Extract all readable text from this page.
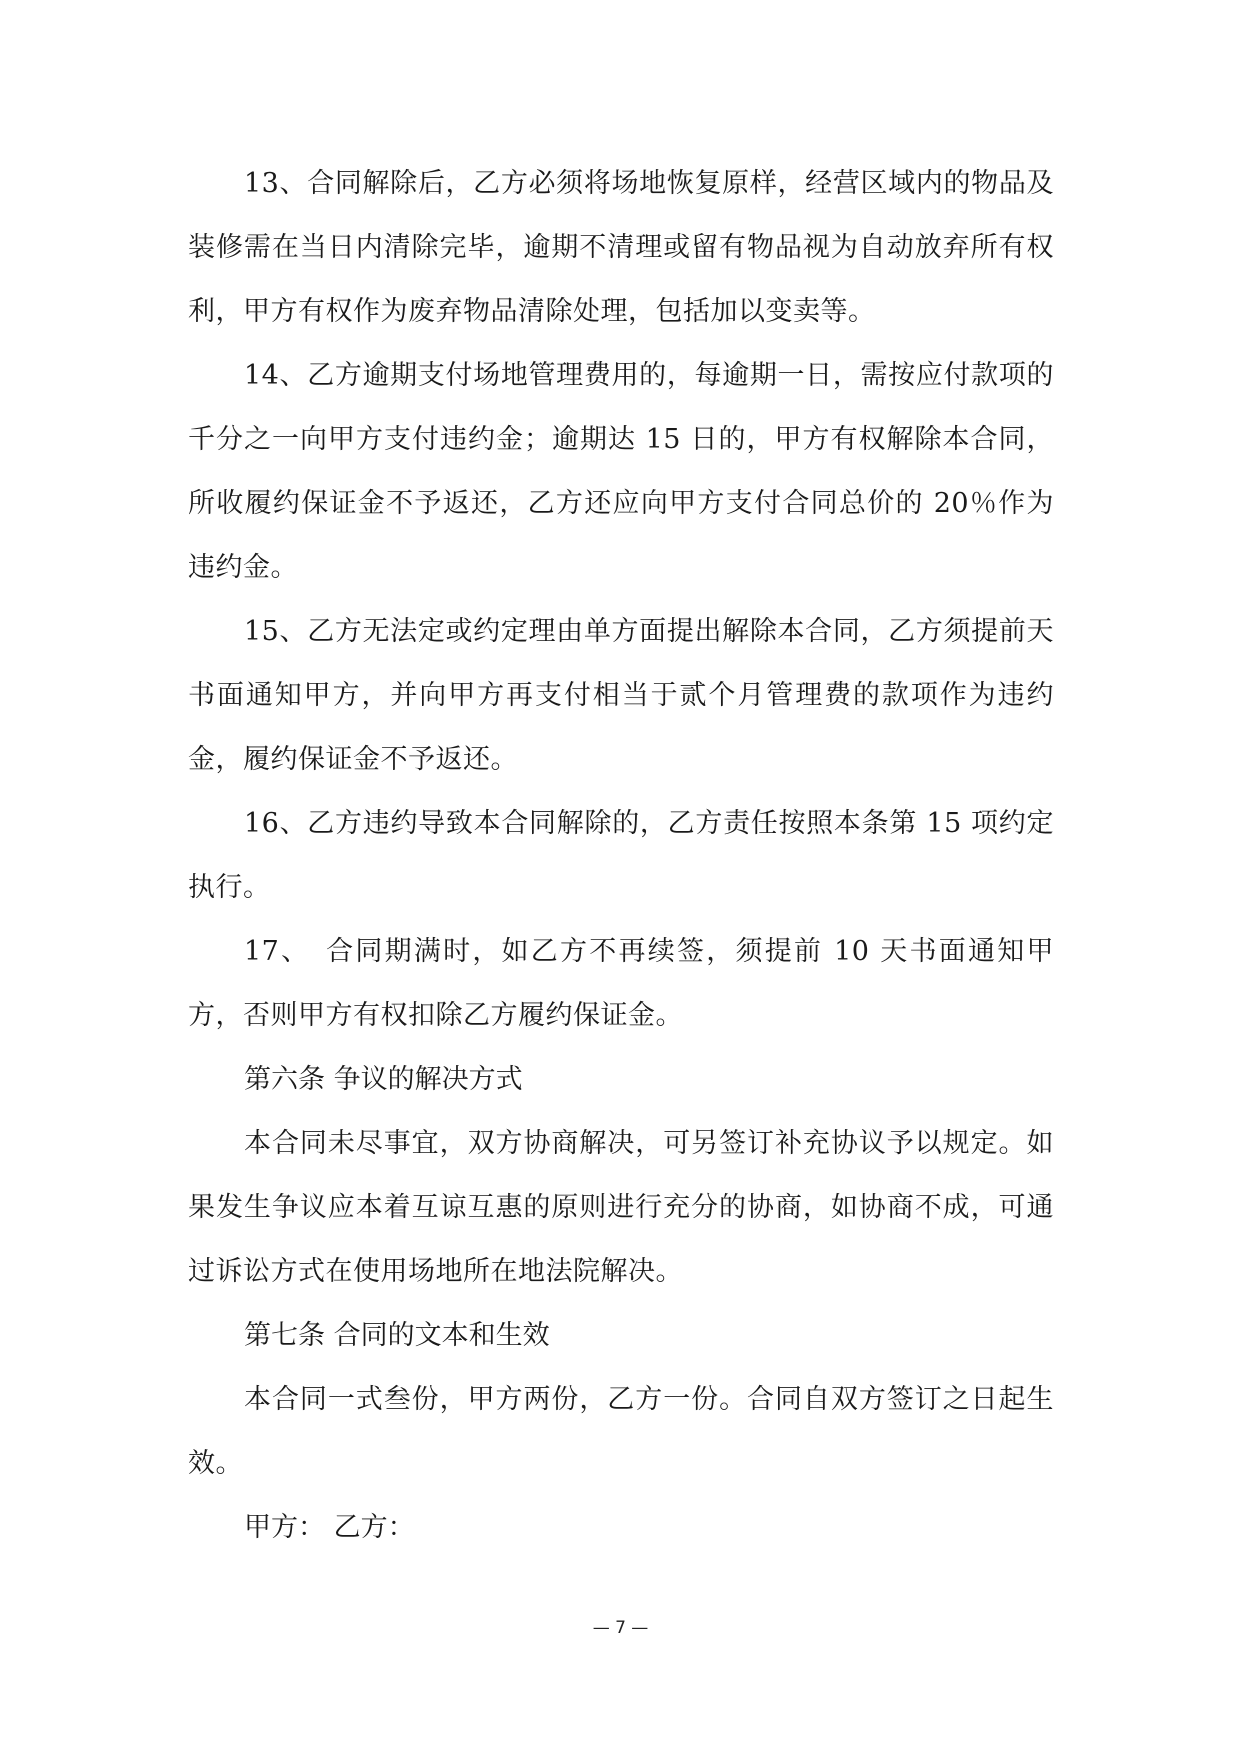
13、合同解除后，乙方必须将场地恢复原样，经营区域内的物品及装修需在当日内清除完毕，逾期不清理或留有物品视为自动放弃所有权利，甲方有权作为废弃物品清除处理，包括加以变卖等。

14、乙方逾期支付场地管理费用的，每逾期一日，需按应付款项的千分之一向甲方支付违约金；逾期达 15 日的，甲方有权解除本合同，所收履约保证金不予返还，乙方还应向甲方支付合同总价的 20％作为违约金。

15、乙方无法定或约定理由单方面提出解除本合同，乙方须提前天书面通知甲方，并向甲方再支付相当于贰个月管理费的款项作为违约金，履约保证金不予返还。

16、乙方违约导致本合同解除的，乙方责任按照本条第 15 项约定执行。

17、　合同期满时，如乙方不再续签，须提前 10 天书面通知甲方，否则甲方有权扣除乙方履约保证金。

第六条 争议的解决方式

本合同未尽事宜，双方协商解决，可另签订补充协议予以规定。如果发生争议应本着互谅互惠的原则进行充分的协商，如协商不成，可通过诉讼方式在使用场地所在地法院解决。

第七条 合同的文本和生效

本合同一式叁份，甲方两份，乙方一份。合同自双方签订之日起生效。

甲方： 乙方：

— 7 —
